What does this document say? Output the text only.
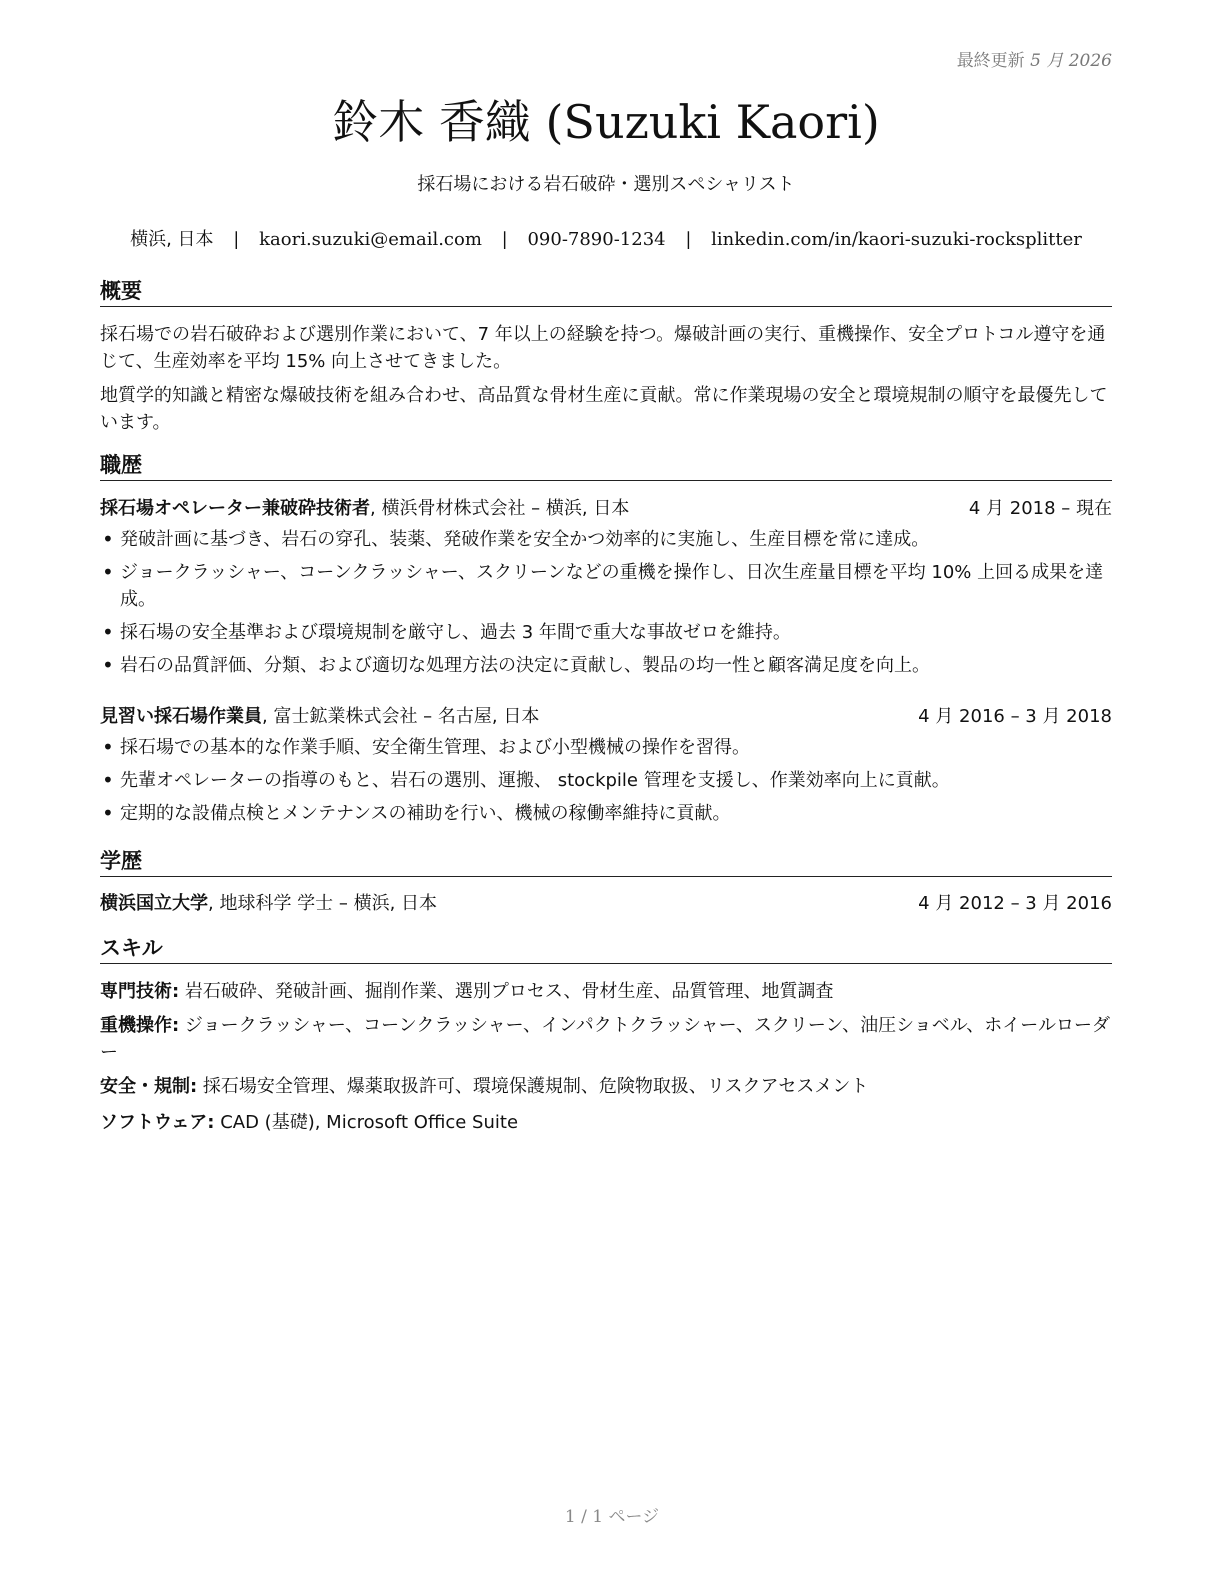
最終更新 5 月 2026
鈴木 香織 (Suzuki Kaori)
採石場における岩石破砕・選別スペシャリスト
横浜, 日本 | kaori.suzuki@email.com | 090-7890-1234 | linkedin.com/in/kaori-suzuki-rocksplitter
概要
採石場での岩石破砕および選別作業において、7 年以上の経験を持つ。爆破計画の実行、重機操作、安全プロトコル遵守を通じて、生産効率を平均 15% 向上させてきました。
地質学的知識と精密な爆破技術を組み合わせ、高品質な骨材生産に貢献。常に作業現場の安全と環境規制の順守を最優先しています。
職歴
採石場オペレーター兼破砕技術者, 横浜骨材株式会社 – 横浜, 日本	4 月 2018 – 現在
• 発破計画に基づき、岩石の穿孔、装薬、発破作業を安全かつ効率的に実施し、生産目標を常に達成。
• ジョークラッシャー、コーンクラッシャー、スクリーンなどの重機を操作し、日次生産量目標を平均 10% 上回る成果を達成。
• 採石場の安全基準および環境規制を厳守し、過去 3 年間で重大な事故ゼロを維持。
• 岩石の品質評価、分類、および適切な処理方法の決定に貢献し、製品の均一性と顧客満足度を向上。
見習い採石場作業員, 富士鉱業株式会社 – 名古屋, 日本	4 月 2016 – 3 月 2018
• 採石場での基本的な作業手順、安全衛生管理、および小型機械の操作を習得。
• 先輩オペレーターの指導のもと、岩石の選別、運搬、 stockpile 管理を支援し、作業効率向上に貢献。
• 定期的な設備点検とメンテナンスの補助を行い、機械の稼働率維持に貢献。
学歴
横浜国立大学, 地球科学 学士 – 横浜, 日本	4 月 2012 – 3 月 2016
スキル
専門技術: 岩石破砕、発破計画、掘削作業、選別プロセス、骨材生産、品質管理、地質調査
重機操作: ジョークラッシャー、コーンクラッシャー、インパクトクラッシャー、スクリーン、油圧ショベル、ホイールローダー
安全・規制: 採石場安全管理、爆薬取扱許可、環境保護規制、危険物取扱、リスクアセスメント
ソフトウェア: CAD (基礎), Microsoft Office Suite
1 / 1 ページ
